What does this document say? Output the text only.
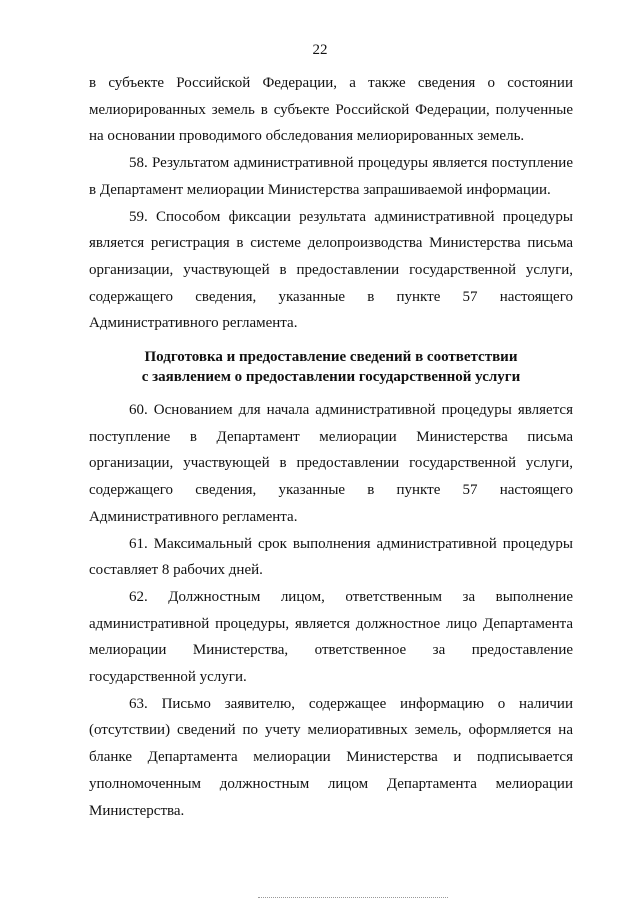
22

в субъекте Российской Федерации, а также сведения о состоянии мелиорированных земель в субъекте Российской Федерации, полученные на основании проводимого обследования мелиорированных земель.

58. Результатом административной процедуры является поступление в Департамент мелиорации Министерства запрашиваемой информации.

59. Способом фиксации результата административной процедуры является регистрация в системе делопроизводства Министерства письма организации, участвующей в предоставлении государственной услуги, содержащего сведения, указанные в пункте 57 настоящего Административного регламента.

Подготовка и предоставление сведений в соответствии
с заявлением о предоставлении государственной услуги

60. Основанием для начала административной процедуры является поступление в Департамент мелиорации Министерства письма организации, участвующей в предоставлении государственной услуги, содержащего сведения, указанные в пункте 57 настоящего Административного регламента.

61. Максимальный срок выполнения административной процедуры составляет 8 рабочих дней.

62. Должностным лицом, ответственным за выполнение административной процедуры, является должностное лицо Департамента мелиорации Министерства, ответственное за предоставление государственной услуги.

63. Письмо заявителю, содержащее информацию о наличии (отсутствии) сведений по учету мелиоративных земель, оформляется на бланке Департамента мелиорации Министерства и подписывается уполномоченным должностным лицом Департамента мелиорации Министерства.
